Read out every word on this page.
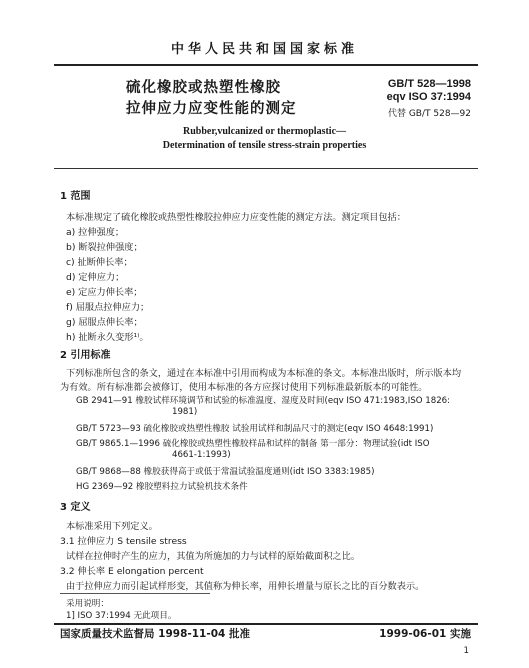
中华人民共和国国家标准
硫化橡胶或热塑性橡胶
拉伸应力应变性能的测定
GB/T 528—1998
eqv ISO 37:1994
代替 GB/T 528—92
Rubber,vulcanized or thermoplastic—
Determination of tensile stress-strain properties
1 范围
本标准规定了硫化橡胶或热塑性橡胶拉伸应力应变性能的测定方法。测定项目包括：
a) 拉伸强度；
b) 断裂拉伸强度；
c) 扯断伸长率；
d) 定伸应力；
e) 定应力伸长率；
f) 屈服点拉伸应力；
g) 屈服点伸长率；
h) 扯断永久变形¹⁾。
2 引用标准
下列标准所包含的条文，通过在本标准中引用而构成为本标准的条文。本标准出版时，所示版本均
为有效。所有标准都会被修订，使用本标准的各方应探讨使用下列标准最新版本的可能性。
GB 2941—91 橡胶试样环境调节和试验的标准温度、湿度及时间(eqv ISO 471:1983,ISO 1826:
1981)
GB/T 5723—93 硫化橡胶或热塑性橡胶 试验用试样和制品尺寸的测定(eqv ISO 4648:1991)
GB/T 9865.1—1996 硫化橡胶或热塑性橡胶样品和试样的制备 第一部分：物理试验(idt ISO
4661-1:1993)
GB/T 9868—88 橡胶获得高于或低于常温试验温度通则(idt ISO 3383:1985)
HG 2369—92 橡胶塑料拉力试验机技术条件
3 定义
本标准采用下列定义。
3.1 拉伸应力 S tensile stress
试样在拉伸时产生的应力，其值为所施加的力与试样的原始截面积之比。
3.2 伸长率 E elongation percent
由于拉伸应力而引起试样形变，其值称为伸长率，用伸长增量与原长之比的百分数表示。
采用说明：
1] ISO 37:1994 无此项目。
国家质量技术监督局 1998-11-04 批准	1999-06-01 实施
1
